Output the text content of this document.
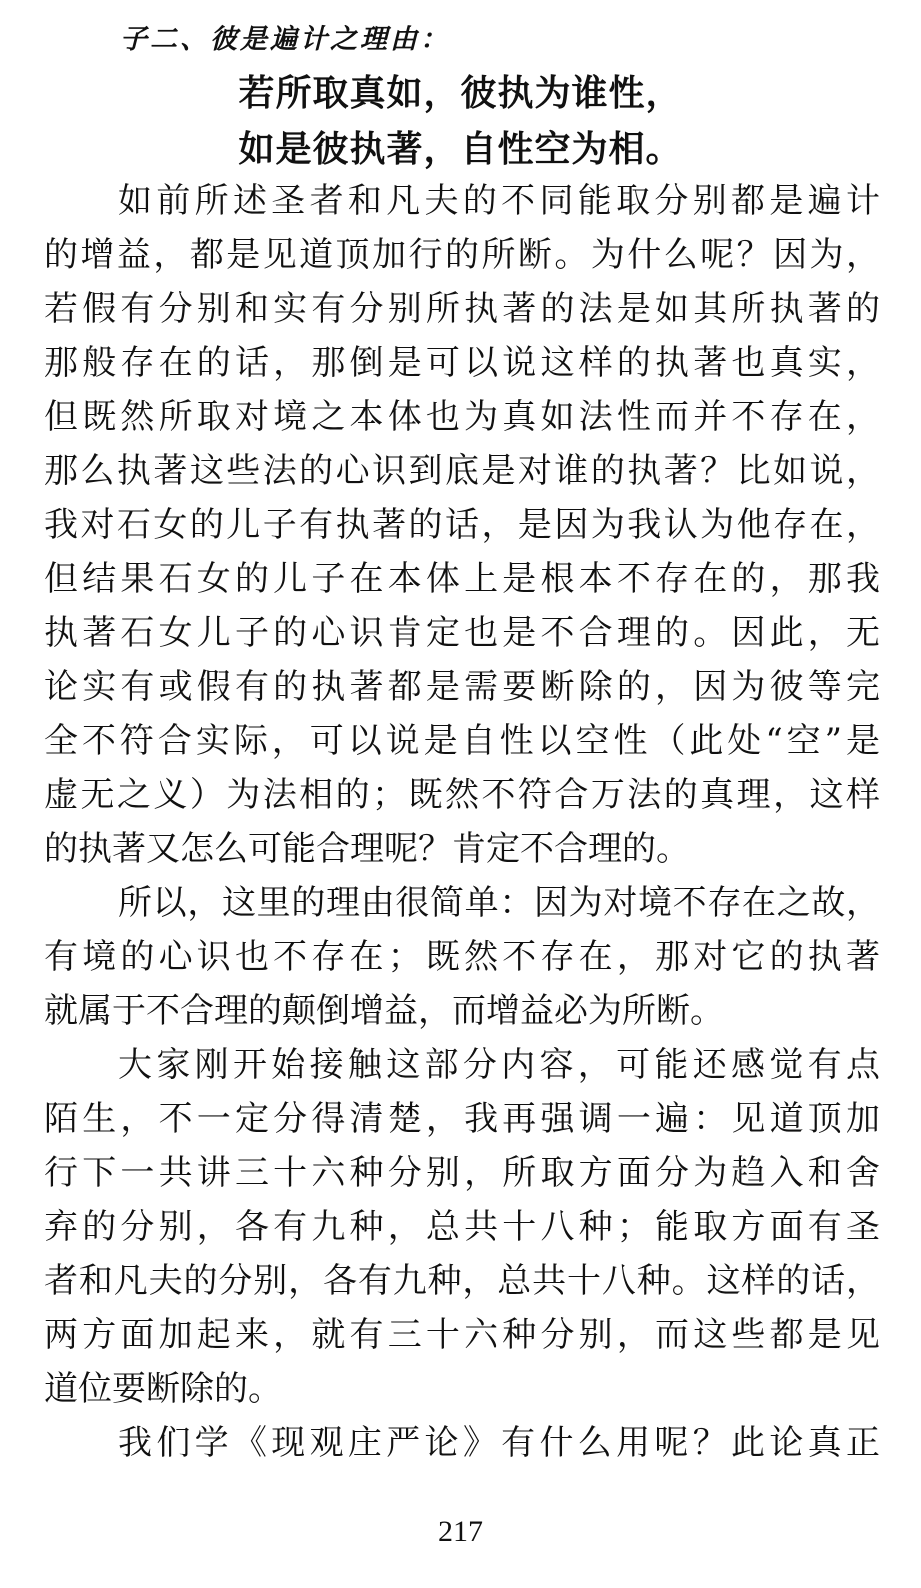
子二、彼是遍计之理由：
若所取真如，彼执为谁性，
如是彼执著，自性空为相。
如前所述圣者和凡夫的不同能取分别都是遍计
的增益，都是见道顶加行的所断。为什么呢？因为，
若假有分别和实有分别所执著的法是如其所执著的
那般存在的话，那倒是可以说这样的执著也真实，
但既然所取对境之本体也为真如法性而并不存在，
那么执著这些法的心识到底是对谁的执著？比如说，
我对石女的儿子有执著的话，是因为我认为他存在，
但结果石女的儿子在本体上是根本不存在的，那我
执著石女儿子的心识肯定也是不合理的。因此，无
论实有或假有的执著都是需要断除的，因为彼等完
全不符合实际，可以说是自性以空性（此处“空”是
虚无之义）为法相的；既然不符合万法的真理，这样
的执著又怎么可能合理呢？肯定不合理的。
所以，这里的理由很简单：因为对境不存在之故，
有境的心识也不存在；既然不存在，那对它的执著
就属于不合理的颠倒增益，而增益必为所断。
大家刚开始接触这部分内容，可能还感觉有点
陌生，不一定分得清楚，我再强调一遍：见道顶加
行下一共讲三十六种分别，所取方面分为趋入和舍
弃的分别，各有九种，总共十八种；能取方面有圣
者和凡夫的分别，各有九种，总共十八种。这样的话，
两方面加起来，就有三十六种分别，而这些都是见
道位要断除的。
我们学《现观庄严论》有什么用呢？此论真正
217
